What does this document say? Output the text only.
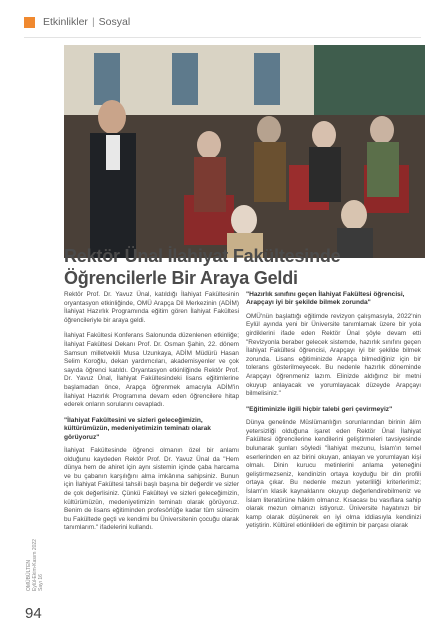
Etkinlikler | Sosyal
Rektör Ünal İlahiyat Fakültesinde Öğrencilerle Bir Araya Geldi

Rektör Prof. Dr. Yavuz Ünal, katıldığı İlahiyat Fakültesinin oryantasyon etkinliğinde, OMÜ Arapça Dil Merkezinin (ADİM) İlahiyat Hazırlık Programında eğitim gören İlahiyat Fakültesi öğrencileriyle bir araya geldi.

İlahiyat Fakültesi Konferans Salonunda düzenlenen etkinliğe; İlahiyat Fakültesi Dekanı Prof. Dr. Osman Şahin, 22. dönem Samsun milletvekili Musa Uzunkaya, ADİM Müdürü Hasan Selim Koroğlu, dekan yardımcıları, akademisyenler ve çok sayıda öğrenci katıldı. Oryantasyon etkinliğinde Rektör Prof. Dr. Yavuz Ünal, İlahiyat Fakültesindeki lisans eğitimlerine başlamadan önce, Arapça öğrenmek amacıyla ADİM'in İlahiyat Hazırlık Programına devam eden öğrencilere hitap ederek onların sorularını cevapladı.

"İlahiyat Fakültesini ve sizleri geleceğimizin, kültürümüzün, medeniyetimizin teminatı olarak görüyoruz"

İlahiyat Fakültesinde öğrenci olmanın özel bir anlamı olduğunu kaydeden Rektör Prof. Dr. Yavuz Ünal da "Hem dünya hem de ahiret için aynı sistemin içinde çaba harcama ve bu çabanın karşılığını alma imkânına sahipsiniz. Bunun için İlahiyat Fakültesi tahsili başlı başına bir değerdir ve sizler de çok değerlisiniz. Çünkü Fakülteyi ve sizleri geleceğimizin, kültürümüzün, medeniyetimizin teminatı olarak görüyoruz. Benim de lisans eğitiminden profesörlüğe kadar tüm sürecim bu Fakültede geçti ve kendimi bu Üniversitenin çocuğu olarak tanımlarım." ifadelerini kullandı.

"Hazırlık sınıfını geçen İlahiyat Fakültesi öğrencisi, Arapçayı iyi bir şekilde bilmek zorunda"

OMÜ'nün başlattığı eğitimde revizyon çalışmasıyla, 2022'nin Eylül ayında yeni bir Üniversite tanımlamak üzere bir yola girdiklerini ifade eden Rektör Ünal şöyle devam etti "Revizyonla beraber gelecek sistemde, hazırlık sınıfını geçen İlahiyat Fakültesi öğrencisi, Arapçayı iyi bir şekilde bilmek zorunda. Lisans eğitiminizde Arapça bilmediğiniz için bir tolerans gösterilmeyecek. Bu nedenle hazırlık döneminde Arapçayı öğrenmeniz lazım. Elinizde aldığınız bir metni okuyup anlayacak ve yorumlayacak düzeyde Arapçayı bilmelisiniz."

"Eğitiminizle ilgili hiçbir talebi geri çevirmeyiz"

Dünya genelinde Müslümanlığın sorunlarından birinin âlim yetersizliği olduğuna işaret eden Rektör Ünal İlahiyat Fakültesi öğrencilerine kendilerini geliştirmeleri tavsiyesinde bulunarak şunları söyledi "İlahiyat mezunu, İslam'ın temel eserlerinden en az birini okuyan, anlayan ve yorumlayan kişi olmalı. Dinin kurucu metinlerini anlama yeteneğini geliştirmezseniz, kendinizin ortaya koyduğu bir din profili ortaya çıkar. Bu nedenle mezun yeterliliği kriterlerimiz; İslam'ın klasik kaynaklarını okuyup değerlendirebilmeniz ve İslam literatürüne hâkim olmanız. Kısacası bu vasıflara sahip olarak mezun olmanızı istiyoruz. Üniversite hayatınızı bir kamp olarak düşünerek en iyi olma iddiasıyla kendinizi yetiştirin. Kültürel etkinlikleri de eğitimin bir parçası olarak

OMÜBÜLTEN Eylül-Ekim-Kasım 2022 Sayı 16
94
